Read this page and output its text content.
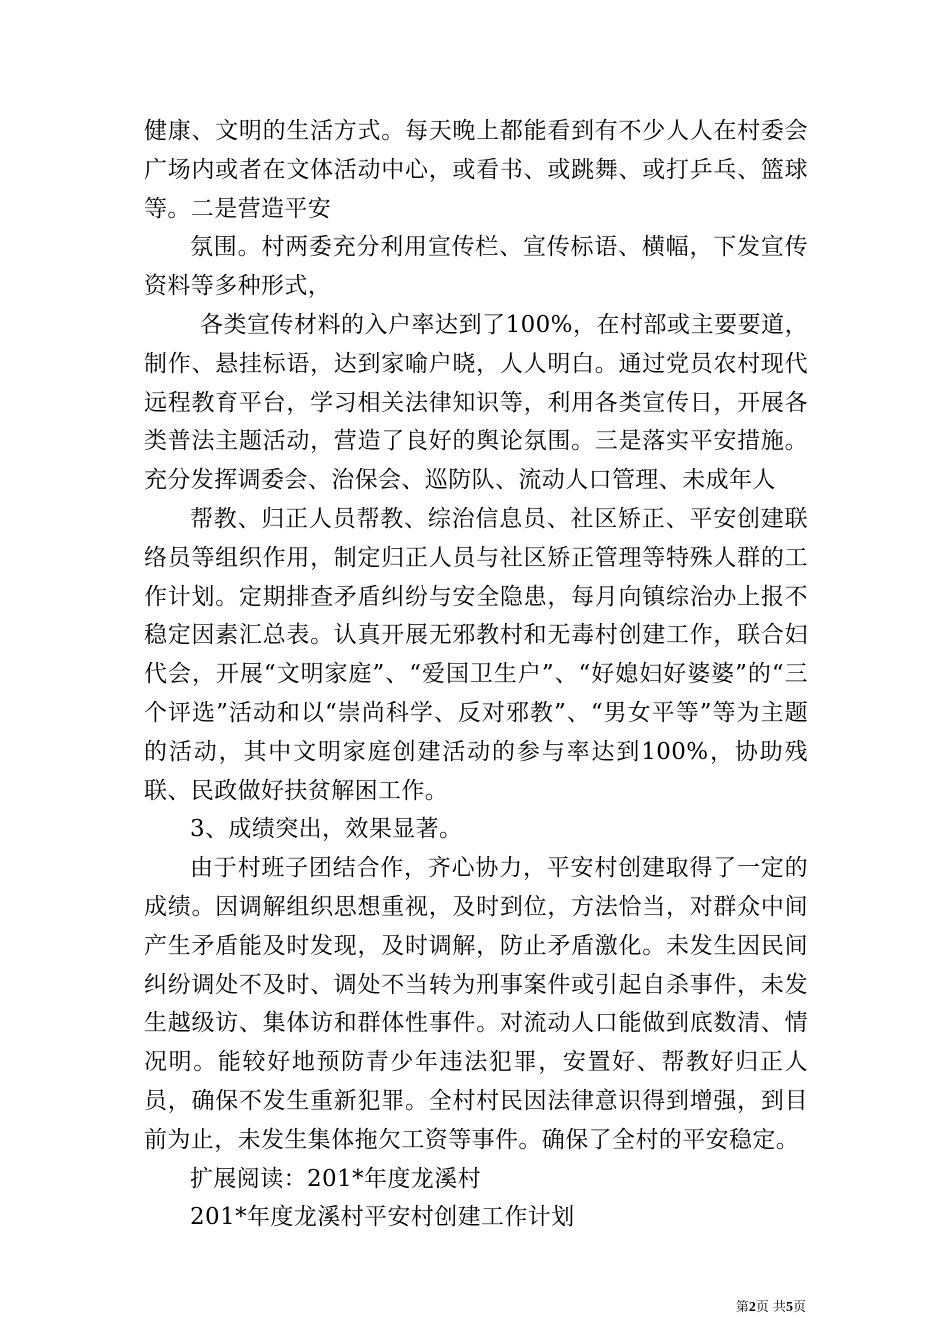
健康、文明的生活方式。每天晚上都能看到有不少人人在村委会广场内或者在文体活动中心，或看书、或跳舞、或打乒乓、篮球等。二是营造平安

氛围。村两委充分利用宣传栏、宣传标语、横幅，下发宣传资料等多种形式，

各类宣传材料的入户率达到了100%，在村部或主要要道，制作、悬挂标语，达到家喻户晓，人人明白。通过党员农村现代远程教育平台，学习相关法律知识等，利用各类宣传日，开展各类普法主题活动，营造了良好的舆论氛围。三是落实平安措施。充分发挥调委会、治保会、巡防队、流动人口管理、未成年人

帮教、归正人员帮教、综治信息员、社区矫正、平安创建联络员等组织作用，制定归正人员与社区矫正管理等特殊人群的工作计划。定期排查矛盾纠纷与安全隐患，每月向镇综治办上报不稳定因素汇总表。认真开展无邪教村和无毒村创建工作，联合妇代会，开展“文明家庭”、“爱国卫生户”、“好媳妇好婆婆”的“三个评选”活动和以“崇尚科学、反对邪教”、“男女平等”等为主题的活动，其中文明家庭创建活动的参与率达到100%，协助残联、民政做好扶贫解困工作。

3、成绩突出，效果显著。

由于村班子团结合作，齐心协力，平安村创建取得了一定的成绩。因调解组织思想重视，及时到位，方法恰当，对群众中间产生矛盾能及时发现，及时调解，防止矛盾激化。未发生因民间纠纷调处不及时、调处不当转为刑事案件或引起自杀事件，未发生越级访、集体访和群体性事件。对流动人口能做到底数清、情况明。能较好地预防青少年违法犯罪，安置好、帮教好归正人员，确保不发生重新犯罪。全村村民因法律意识得到增强，到目前为止，未发生集体拖欠工资等事件。确保了全村的平安稳定。

扩展阅读：201*年度龙溪村

201*年度龙溪村平安村创建工作计划

第2页 共5页
